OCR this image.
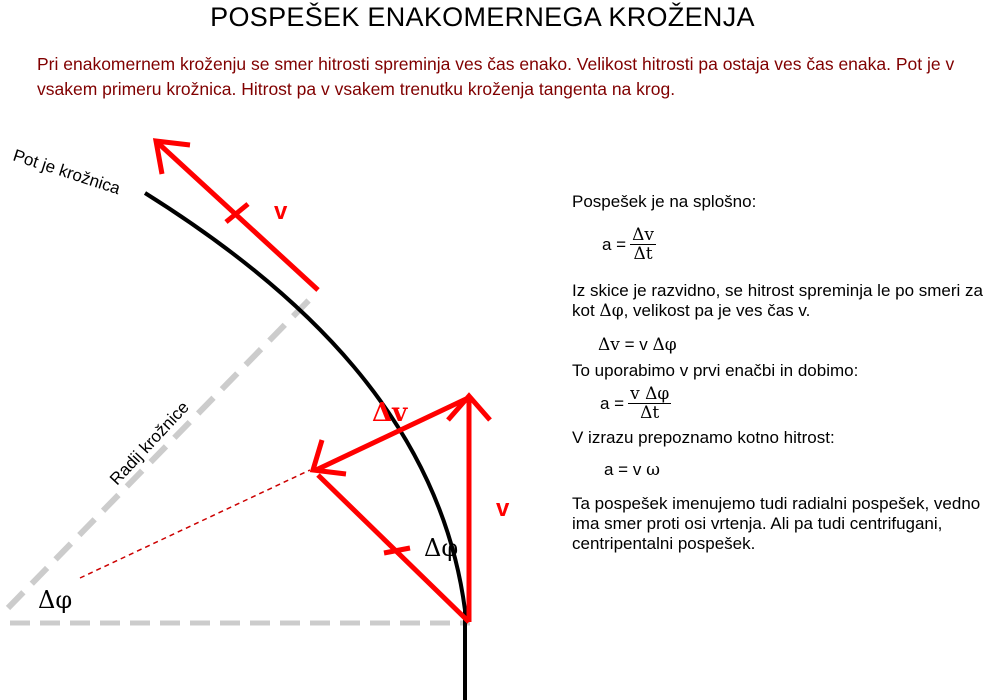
POSPEŠEK ENAKOMERNEGA KROŽENJA
Pri enakomernem kroženju se smer hitrosti spreminja ves čas enako. Velikost hitrosti pa ostaja ves čas enaka. Pot je v vsakem primeru krožnica. Hitrost pa v vsakem trenutku kroženja tangenta na krog.
Pot je krožnica
Radij krožnice
v
v
Δv
Δφ
Δφ

Pospešek je na splošno:

$a = \frac{\Delta v}{\Delta t}$

Iz skice je razvidno, se hitrost spreminja le po smeri za kot Δφ, velikost pa je ves čas v.

Δv = v Δφ

To uporabimo v prvi enačbi in dobimo:

$a = \frac{\text{v Δφ}}{\Delta t}$

V izrazu prepoznamo kotno hitrost:

a = v ω

Ta pospešek imenujemo tudi radialni pospešek, vedno ima smer proti osi vrtenja. Ali pa tudi centrifugani, centripentalni pospešek.
